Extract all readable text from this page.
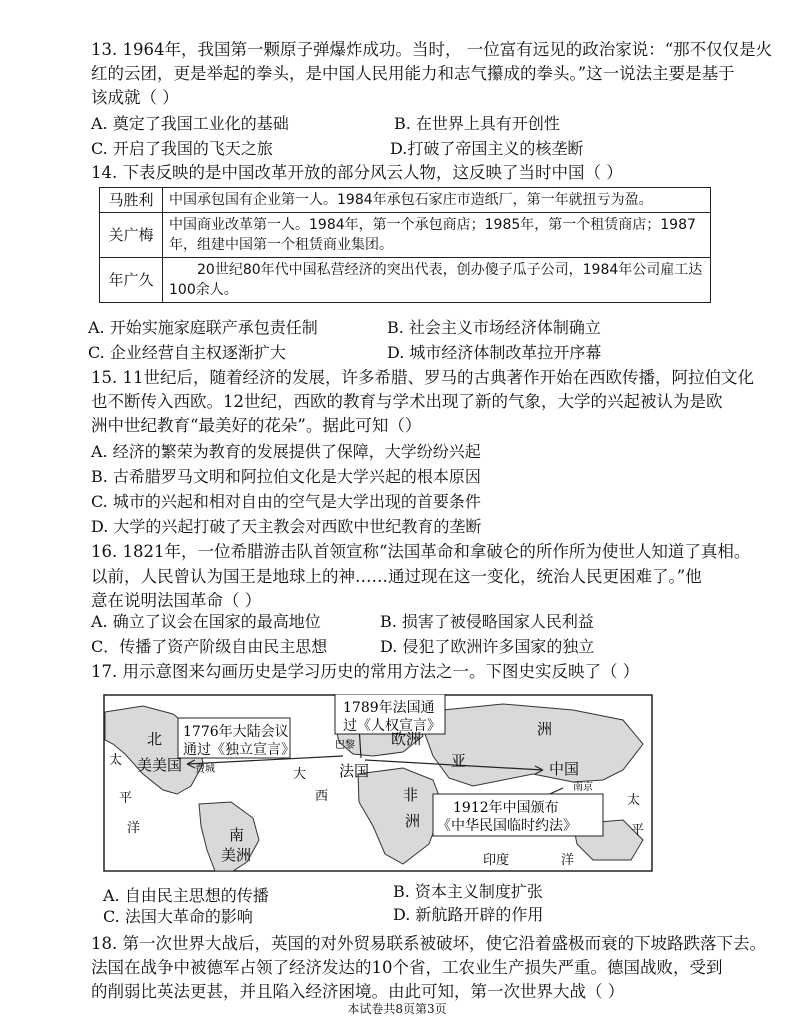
13. 1964年，我国第一颗原子弹爆炸成功。当时， 一位富有远见的政治家说：“那不仅仅是火
红的云团，更是举起的拳头，是中国人民用能力和志气攥成的拳头。”这一说法主要是基于
该成就（ ）
A. 奠定了我国工业化的基础	B. 在世界上具有开创性
C. 开启了我国的飞天之旅	D.打破了帝国主义的核垄断
14. 下表反映的是中国改革开放的部分风云人物，这反映了当时中国（ ）
马胜利	中国承包国有企业第一人。1984年承包石家庄市造纸厂，第一年就扭亏为盈。
关广梅	中国商业改革第一人。1984年，第一个承包商店；1985年，第一个租赁商店；1987年，组建中国第一个租赁商业集团。
年广久	20世纪80年代中国私营经济的突出代表，创办傻子瓜子公司，1984年公司雇工达100余人。
A. 开始实施家庭联产承包责任制	B. 社会主义市场经济体制确立
C. 企业经营自主权逐渐扩大	D. 城市经济体制改革拉开序幕
15. 11世纪后，随着经济的发展，许多希腊、罗马的古典著作开始在西欧传播，阿拉伯文化
也不断传入西欧。12世纪，西欧的教育与学术出现了新的气象，大学的兴起被认为是欧
洲中世纪教育“最美好的花朵”。据此可知（）
A. 经济的繁荣为教育的发展提供了保障，大学纷纷兴起
B. 古希腊罗马文明和阿拉伯文化是大学兴起的根本原因
C. 城市的兴起和相对自由的空气是大学出现的首要条件
D. 大学的兴起打破了天主教会对西欧中世纪教育的垄断
16. 1821年，一位希腊游击队首领宣称“法国革命和拿破仑的所作所为使世人知道了真相。
以前，人民曾认为国王是地球上的神……通过现在这一变化，统治人民更困难了。”他
意在说明法国革命（ ）
A. 确立了议会在国家的最高地位	B. 损害了被侵略国家人民利益
C．传播了资产阶级自由民主思想	D. 侵犯了欧洲许多国家的独立
17. 用示意图来勾画历史是学习历史的常用方法之一。下图史实反映了（ ）
1789年法国通
过《人权宣言》
1776年大陆会议
通过《独立宣言》
1912年中国颁布
《中华民国临时约法》
北
美美国
太
平
洋
大
西
南
美洲
法国
欧洲
巴黎
费城	亚
非
洲
洲
中国
南京
印度	洋
太
平
A. 自由民主思想的传播	B. 资本主义制度扩张
C. 法国大革命的影响	D. 新航路开辟的作用
18. 第一次世界大战后，英国的对外贸易联系被破坏，使它沿着盛极而衰的下坡路跌落下去。
法国在战争中被德军占领了经济发达的10个省，工农业生产损失严重。德国战败，受到
的削弱比英法更甚，并且陷入经济困境。由此可知，第一次世界大战（ ）
本试卷共8页第3页
